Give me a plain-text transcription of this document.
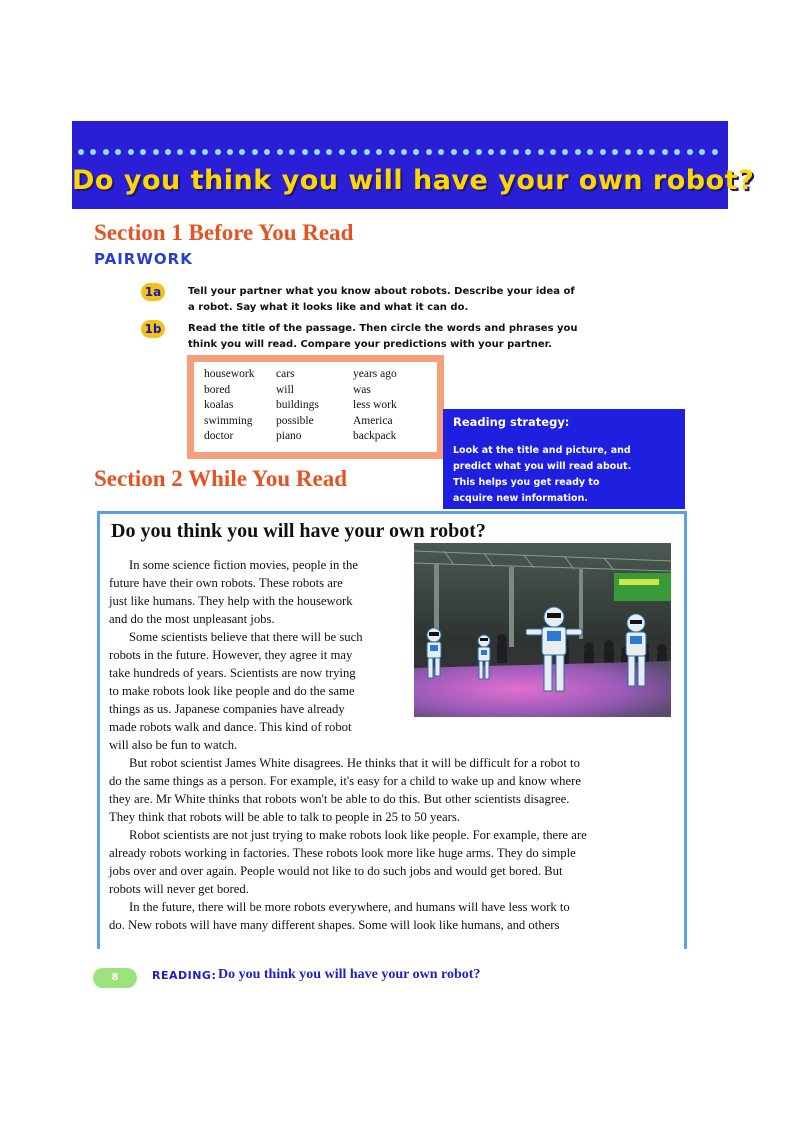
Do you think you will have your own robot?
Section 1 Before You Read
PAIRWORK
1a	Tell your partner what you know about robots. Describe your idea of
a robot. Say what it looks like and what it can do.
1b	Read the title of the passage. Then circle the words and phrases you
think you will read. Compare your predictions with your partner.
housework	cars	years ago
bored	will	was
koalas	buildings	less work
swimming	possible	America
doctor	piano	backpack
Reading strategy:
Look at the title and picture, and
predict what you will read about.
This helps you get ready to
acquire new information.
Section 2 While You Read
Do you think you will have your own robot?
In some science fiction movies, people in the
future have their own robots. These robots are
just like humans. They help with the housework
and do the most unpleasant jobs.
Some scientists believe that there will be such
robots in the future. However, they agree it may
take hundreds of years. Scientists are now trying
to make robots look like people and do the same
things as us. Japanese companies have already
made robots walk and dance. This kind of robot
will also be fun to watch.
But robot scientist James White disagrees. He thinks that it will be difficult for a robot to
do the same things as a person. For example, it's easy for a child to wake up and know where
they are. Mr White thinks that robots won't be able to do this. But other scientists disagree.
They think that robots will be able to talk to people in 25 to 50 years.
Robot scientists are not just trying to make robots look like people. For example, there are
already robots working in factories. These robots look more like huge arms. They do simple
jobs over and over again. People would not like to do such jobs and would get bored. But
robots will never get bored.
In the future, there will be more robots everywhere, and humans will have less work to
do. New robots will have many different shapes. Some will look like humans, and others
8	READING: Do you think you will have your own robot?
